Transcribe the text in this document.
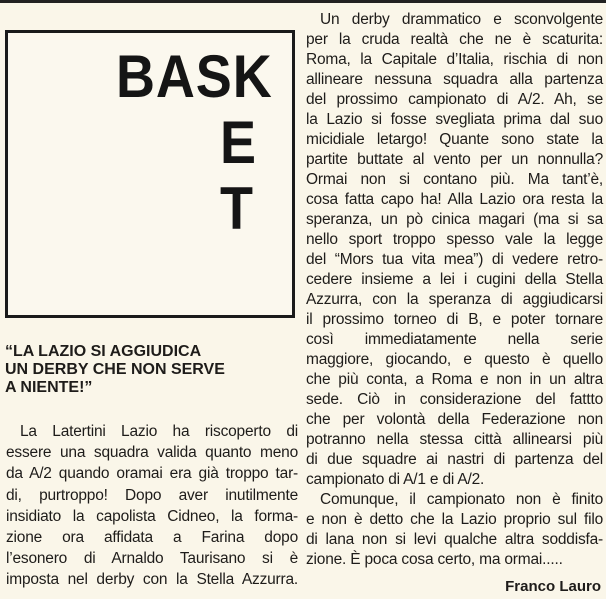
BASK
E
T
“LA LAZIO SI AGGIUDICA
UN DERBY CHE NON SERVE
A NIENTE!”
La Latertini Lazio ha riscoperto di
essere una squadra valida quanto meno
da A/2 quando oramai era già troppo tar-
di, purtroppo! Dopo aver inutilmente
insidiato la capolista Cidneo, la forma-
zione ora affidata a Farina dopo
l’esonero di Arnaldo Taurisano si è
imposta nel derby con la Stella Azzurra.
Un derby drammatico e sconvolgente
per la cruda realtà che ne è scaturita:
Roma, la Capitale d’Italia, rischia di non
allineare nessuna squadra alla partenza
del prossimo campionato di A/2. Ah, se
la Lazio si fosse svegliata prima dal suo
micidiale letargo! Quante sono state la
partite buttate al vento per un nonnulla?
Ormai non si contano più. Ma tant’è,
cosa fatta capo ha! Alla Lazio ora resta la
speranza, un pò cinica magari (ma si sa
nello sport troppo spesso vale la legge
del “Mors tua vita mea”) di vedere retro-
cedere insieme a lei i cugini della Stella
Azzurra, con la speranza di aggiudicarsi
il prossimo torneo di B, e poter tornare
così immediatamente nella serie
maggiore, giocando, e questo è quello
che più conta, a Roma e non in un altra
sede. Ciò in considerazione del fattto
che per volontà della Federazione non
potranno nella stessa città allinearsi più
di due squadre ai nastri di partenza del
campionato di A/1 e di A/2.
Comunque, il campionato non è finito
e non è detto che la Lazio proprio sul filo
di lana non si levi qualche altra soddisfa-
zione. È poca cosa certo, ma ormai.....
Franco Lauro
